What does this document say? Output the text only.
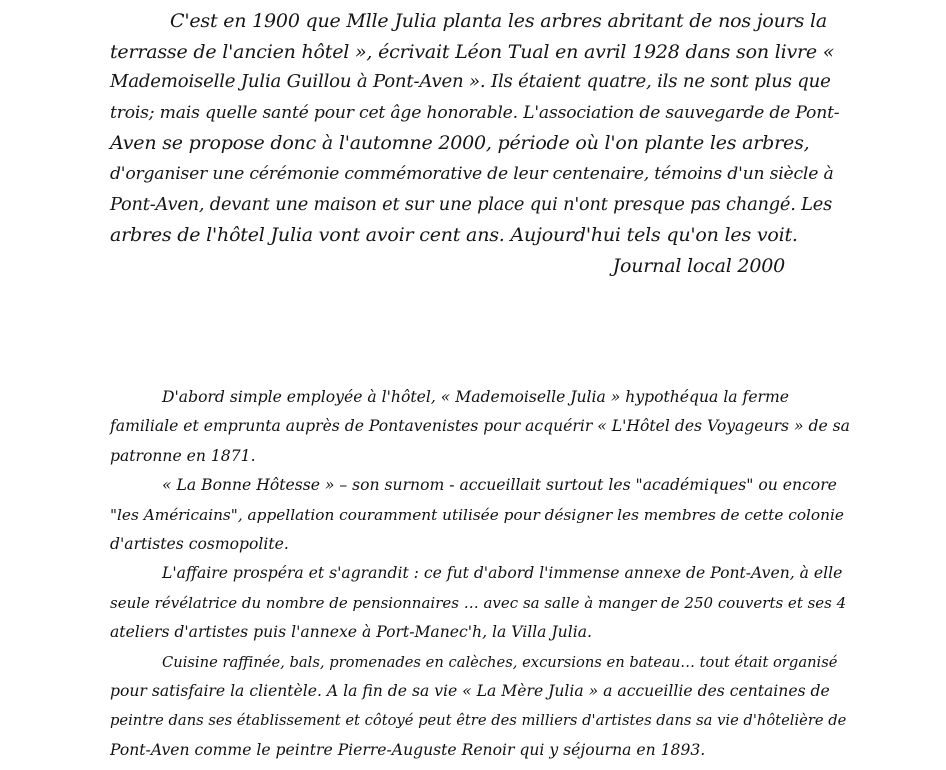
C'est en 1900 que Mlle Julia planta les arbres abritant de nos jours la
terrasse de l'ancien hôtel », écrivait Léon Tual en avril 1928 dans son livre «
Mademoiselle Julia Guillou à Pont-Aven ». Ils étaient quatre, ils ne sont plus que
trois; mais quelle santé pour cet âge honorable. L'association de sauvegarde de Pont-
Aven se propose donc à l'automne 2000, période où l'on plante les arbres,
d'organiser une cérémonie commémorative de leur centenaire, témoins d'un siècle à
Pont-Aven, devant une maison et sur une place qui n'ont presque pas changé. Les
arbres de l'hôtel Julia vont avoir cent ans. Aujourd'hui tels qu'on les voit.
Journal local 2000
D'abord simple employée à l'hôtel, « Mademoiselle Julia » hypothéqua la ferme
familiale et emprunta auprès de Pontavenistes pour acquérir « L'Hôtel des Voyageurs » de sa
patronne en 1871.
« La Bonne Hôtesse » – son surnom - accueillait surtout les "académiques" ou encore
"les Américains", appellation couramment utilisée pour désigner les membres de cette colonie
d'artistes cosmopolite.
L'affaire prospéra et s'agrandit : ce fut d'abord l'immense annexe de Pont-Aven, à elle
seule révélatrice du nombre de pensionnaires … avec sa salle à manger de 250 couverts et ses 4
ateliers d'artistes puis l'annexe à Port-Manec'h, la Villa Julia.
Cuisine raffinée, bals, promenades en calèches, excursions en bateau… tout était organisé
pour satisfaire la clientèle. A la fin de sa vie « La Mère Julia » a accueillie des centaines de
peintre dans ses établissement et côtoyé peut être des milliers d'artistes dans sa vie d'hôtelière de
Pont-Aven comme le peintre Pierre-Auguste Renoir qui y séjourna en 1893.
